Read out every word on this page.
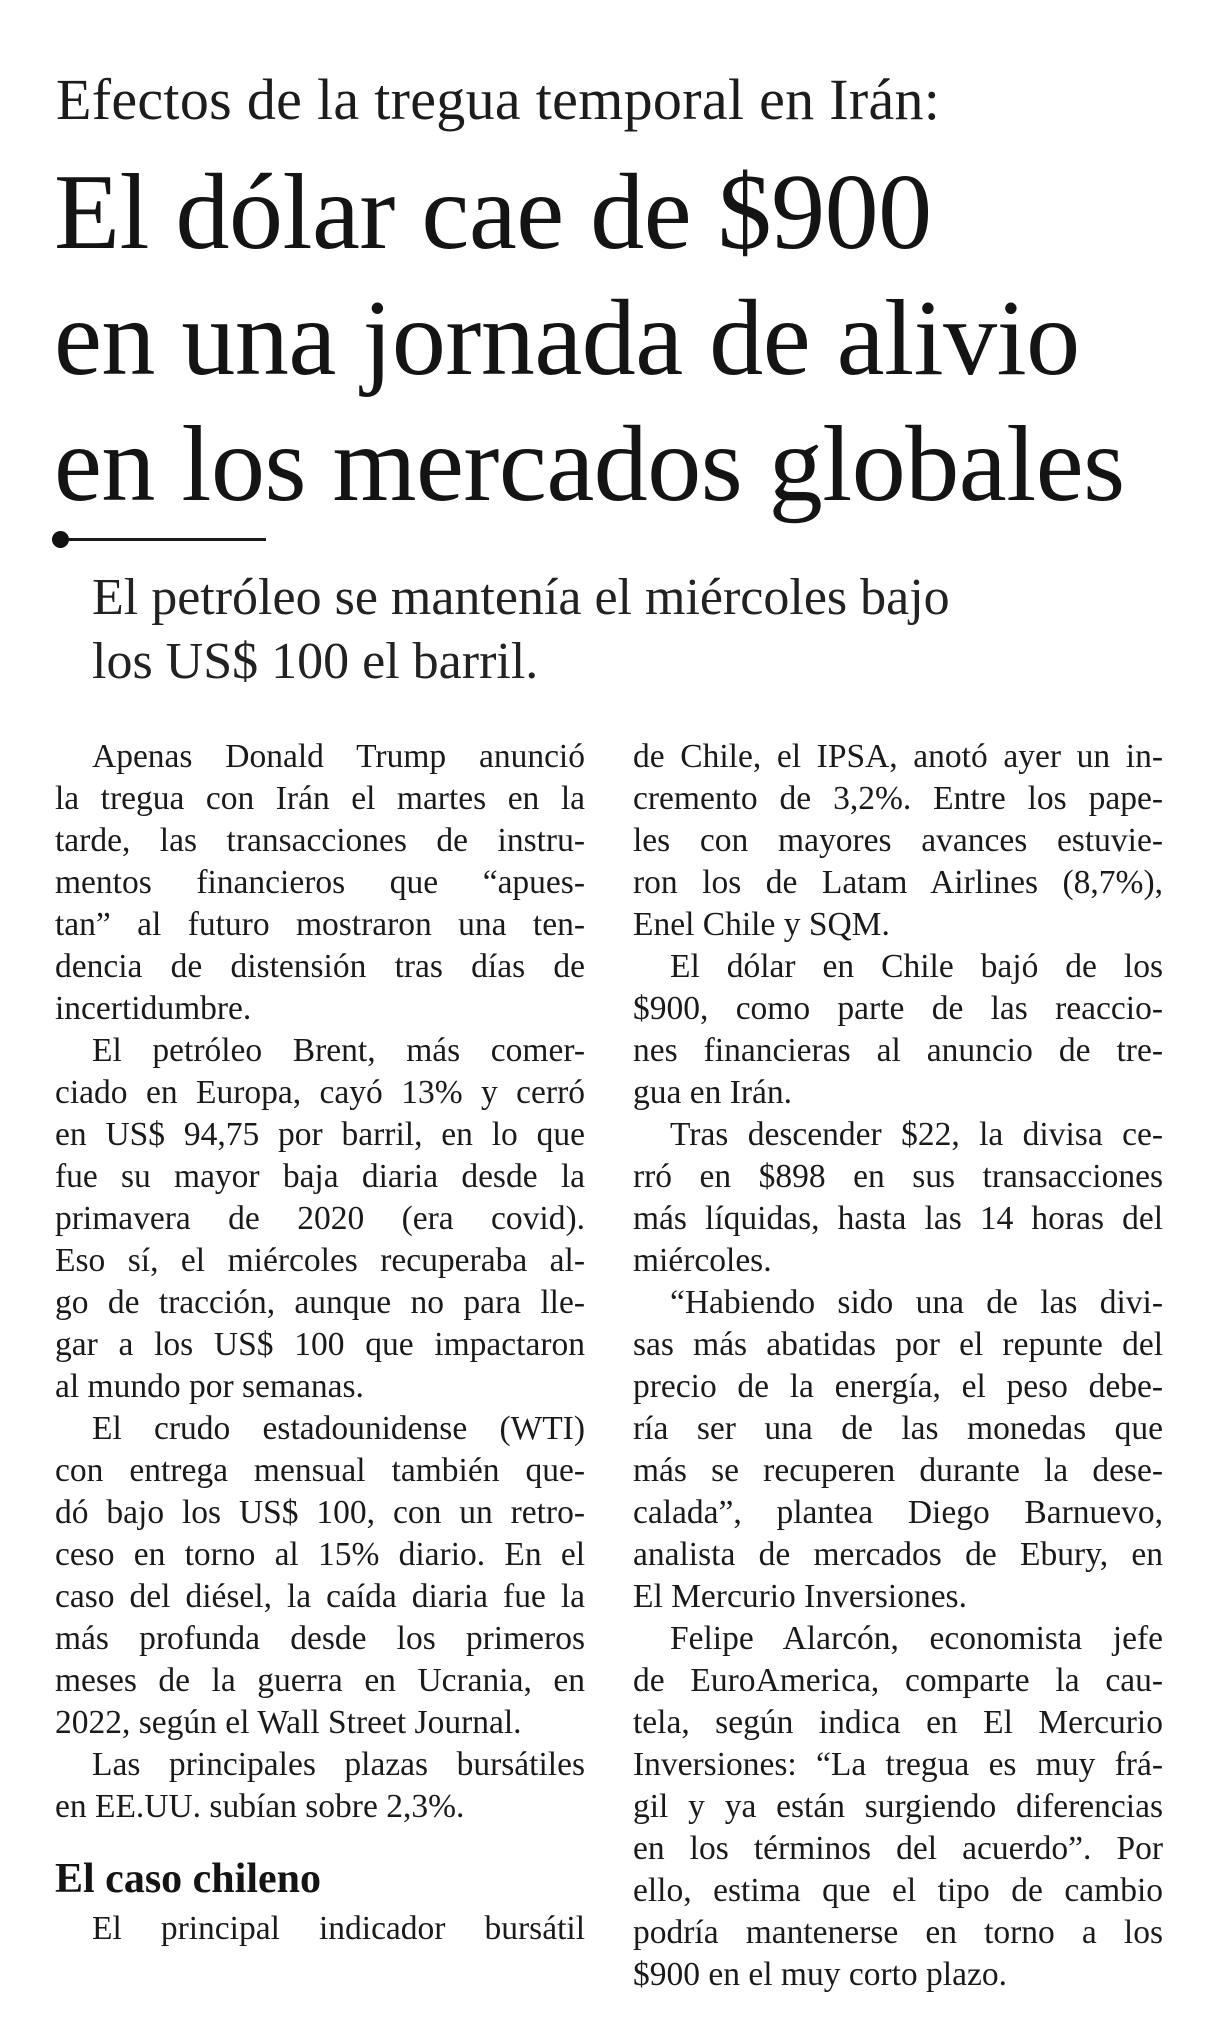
Efectos de la tregua temporal en Irán:
El dólar cae de $900
en una jornada de alivio
en los mercados globales
El petróleo se mantenía el miércoles bajo
los US$ 100 el barril.
Apenas Donald Trump anunció
la tregua con Irán el martes en la
tarde, las transacciones de instru-
mentos financieros que “apues-
tan” al futuro mostraron una ten-
dencia de distensión tras días de
incertidumbre.
El petróleo Brent, más comer-
ciado en Europa, cayó 13% y cerró
en US$ 94,75 por barril, en lo que
fue su mayor baja diaria desde la
primavera de 2020 (era covid).
Eso sí, el miércoles recuperaba al-
go de tracción, aunque no para lle-
gar a los US$ 100 que impactaron
al mundo por semanas.
El crudo estadounidense (WTI)
con entrega mensual también que-
dó bajo los US$ 100, con un retro-
ceso en torno al 15% diario. En el
caso del diésel, la caída diaria fue la
más profunda desde los primeros
meses de la guerra en Ucrania, en
2022, según el Wall Street Journal.
Las principales plazas bursátiles
en EE.UU. subían sobre 2,3%.
El caso chileno
El principal indicador bursátil
de Chile, el IPSA, anotó ayer un in-
cremento de 3,2%. Entre los pape-
les con mayores avances estuvie-
ron los de Latam Airlines (8,7%),
Enel Chile y SQM.
El dólar en Chile bajó de los
$900, como parte de las reaccio-
nes financieras al anuncio de tre-
gua en Irán.
Tras descender $22, la divisa ce-
rró en $898 en sus transacciones
más líquidas, hasta las 14 horas del
miércoles.
“Habiendo sido una de las divi-
sas más abatidas por el repunte del
precio de la energía, el peso debe-
ría ser una de las monedas que
más se recuperen durante la dese-
calada”, plantea Diego Barnuevo,
analista de mercados de Ebury, en
El Mercurio Inversiones.
Felipe Alarcón, economista jefe
de EuroAmerica, comparte la cau-
tela, según indica en El Mercurio
Inversiones: “La tregua es muy frá-
gil y ya están surgiendo diferencias
en los términos del acuerdo”. Por
ello, estima que el tipo de cambio
podría mantenerse en torno a los
$900 en el muy corto plazo.
